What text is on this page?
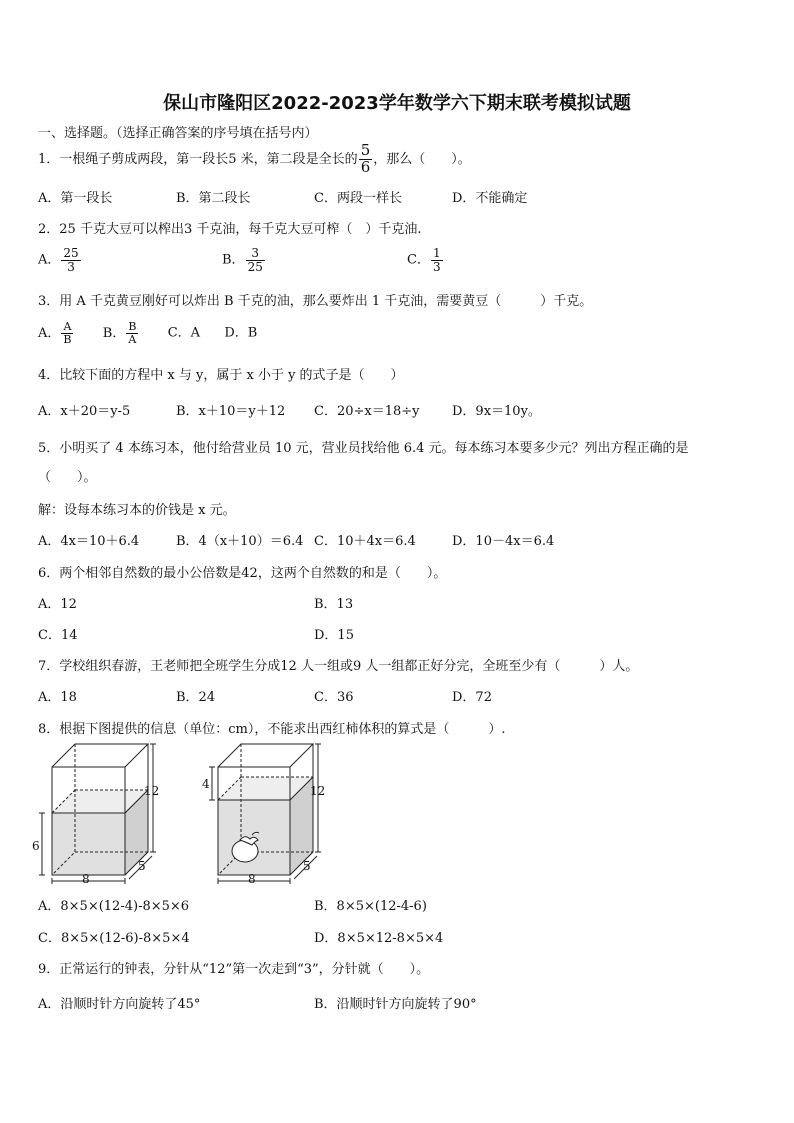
保山市隆阳区2022-2023学年数学六下期末联考模拟试题
一、选择题。（选择正确答案的序号填在括号内）
1．一根绳子剪成两段，第一段长5 米，第二段是全长的 $\frac{5}{6}$ ，那么（　　）。
A．第一段长	B．第二段长	C．两段一样长	D．不能确定
2．25 千克大豆可以榨出3 千克油，每千克大豆可榨（　）千克油.
A． $\frac{25}{3}$	B． $\frac{3}{25}$	C． $\frac{1}{3}$
3．用 A 千克黄豆刚好可以炸出 B 千克的油，那么要炸出 1 千克油，需要黄豆（　　　）千克。
A． $\frac{A}{B}$ B． $\frac{B}{A}$ C．A D．B
4．比较下面的方程中 x 与 y，属于 x 小于 y 的式子是（　　）
A．x＋20＝y-5	B．x＋10＝y＋12 C．20÷x＝18÷y	D．9x＝10y。
5．小明买了 4 本练习本，他付给营业员 10 元，营业员找给他 6.4 元。每本练习本要多少元？列出方程正确的是
（　　）。
解：设每本练习本的价钱是 x 元。
A．4x＝10＋6.4	B．4（x＋10）＝6.4 C．10＋4x＝6.4	D．10－4x＝6.4
6．两个相邻自然数的最小公倍数是42，这两个自然数的和是（　　）。
A．12	B．13
C．14	D．15
7．学校组织春游，王老师把全班学生分成12 人一组或9 人一组都正好分完，全班至少有（　　　）人。
A．18	B．24	C．36	D．72
8．根据下图提供的信息（单位：cm），不能求出西红柿体积的算式是（　　　）.
12
6
8
5
12
4
8
5
A．8×5×(12-4)-8×5×6	B．8×5×(12-4-6)
C．8×5×(12-6)-8×5×4	D．8×5×12-8×5×4
9．正常运行的钟表，分针从“12”第一次走到“3”，分针就（　　）。
A．沿顺时针方向旋转了45°	B．沿顺时针方向旋转了90°
